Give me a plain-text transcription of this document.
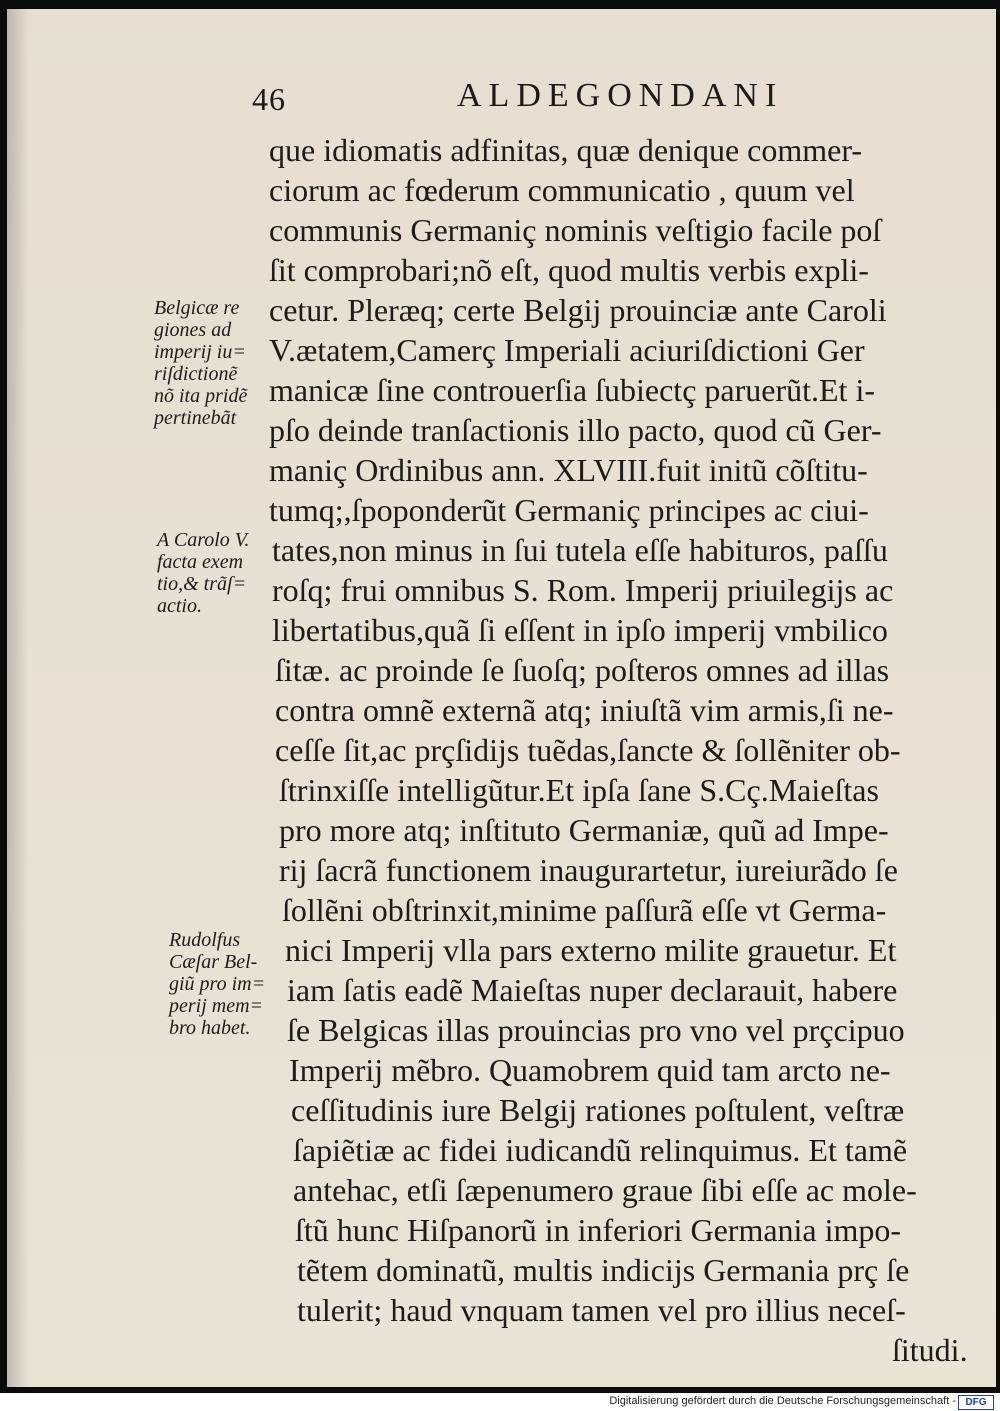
46	ALDEGONDANI
que idiomatis adfinitas, quæ denique commer-
ciorum ac fœderum communicatio , quum vel
communis Germaniç nominis veſtigio facile poſ
ſit comprobari;nõ eſt, quod multis verbis expli-
cetur. Pleræq; certe Belgij prouinciæ ante Caroli
V.ætatem,Camerç Imperiali aciuriſdictioni Ger
manicæ ſine controuerſia ſubiectç paruerũt.Et i-
pſo deinde tranſactionis illo pacto, quod cũ Ger-
maniç Ordinibus ann. XLVIII.fuit initũ cõſtitu-
tumq;,ſpoponderũt Germaniç principes ac ciui-
tates,non minus in ſui tutela eſſe habituros, paſſu
roſq; frui omnibus S. Rom. Imperij priuilegijs ac
libertatibus,quã ſi eſſent in ipſo imperij vmbilico
ſitæ. ac proinde ſe ſuoſq; poſteros omnes ad illas
contra omnẽ externã atq; iniuſtã vim armis,ſi ne-
ceſſe ſit,ac prçſidijs tuẽdas,ſancte & ſollẽniter ob-
ſtrinxiſſe intelligũtur.Et ipſa ſane S.Cç.Maieſtas
pro more atq; inſtituto Germaniæ, quũ ad Impe-
rij ſacrã functionem inaugurartetur, iureiurãdo ſe
ſollẽni obſtrinxit,minime paſſurã eſſe vt Germa-
nici Imperij vlla pars externo milite grauetur. Et
iam ſatis eadẽ Maieſtas nuper declarauit, habere
ſe Belgicas illas prouincias pro vno vel prçcipuo
Imperij mẽbro. Quamobrem quid tam arcto ne-
ceſſitudinis iure Belgij rationes poſtulent, veſtræ
ſapiẽtiæ ac fidei iudicandũ relinquimus. Et tamẽ
antehac, etſi ſæpenumero graue ſibi eſſe ac mole-
ſtũ hunc Hiſpanorũ in inferiori Germania impo-
tẽtem dominatũ, multis indicijs Germania prç ſe
tulerit; haud vnquam tamen vel pro illius neceſ-
ſitudi.
Belgicæ re
giones ad
imperij iu=
riſdictionẽ
nõ ita pridẽ
pertinebãt
A Carolo V.
facta exem
tio,& trãſ=
actio.
Rudolfus
Cæſar Bel-
giũ pro im=
perij mem=
bro habet.
Digitalisierung gefördert durch die Deutsche Forschungsgemeinschaft - DFG
